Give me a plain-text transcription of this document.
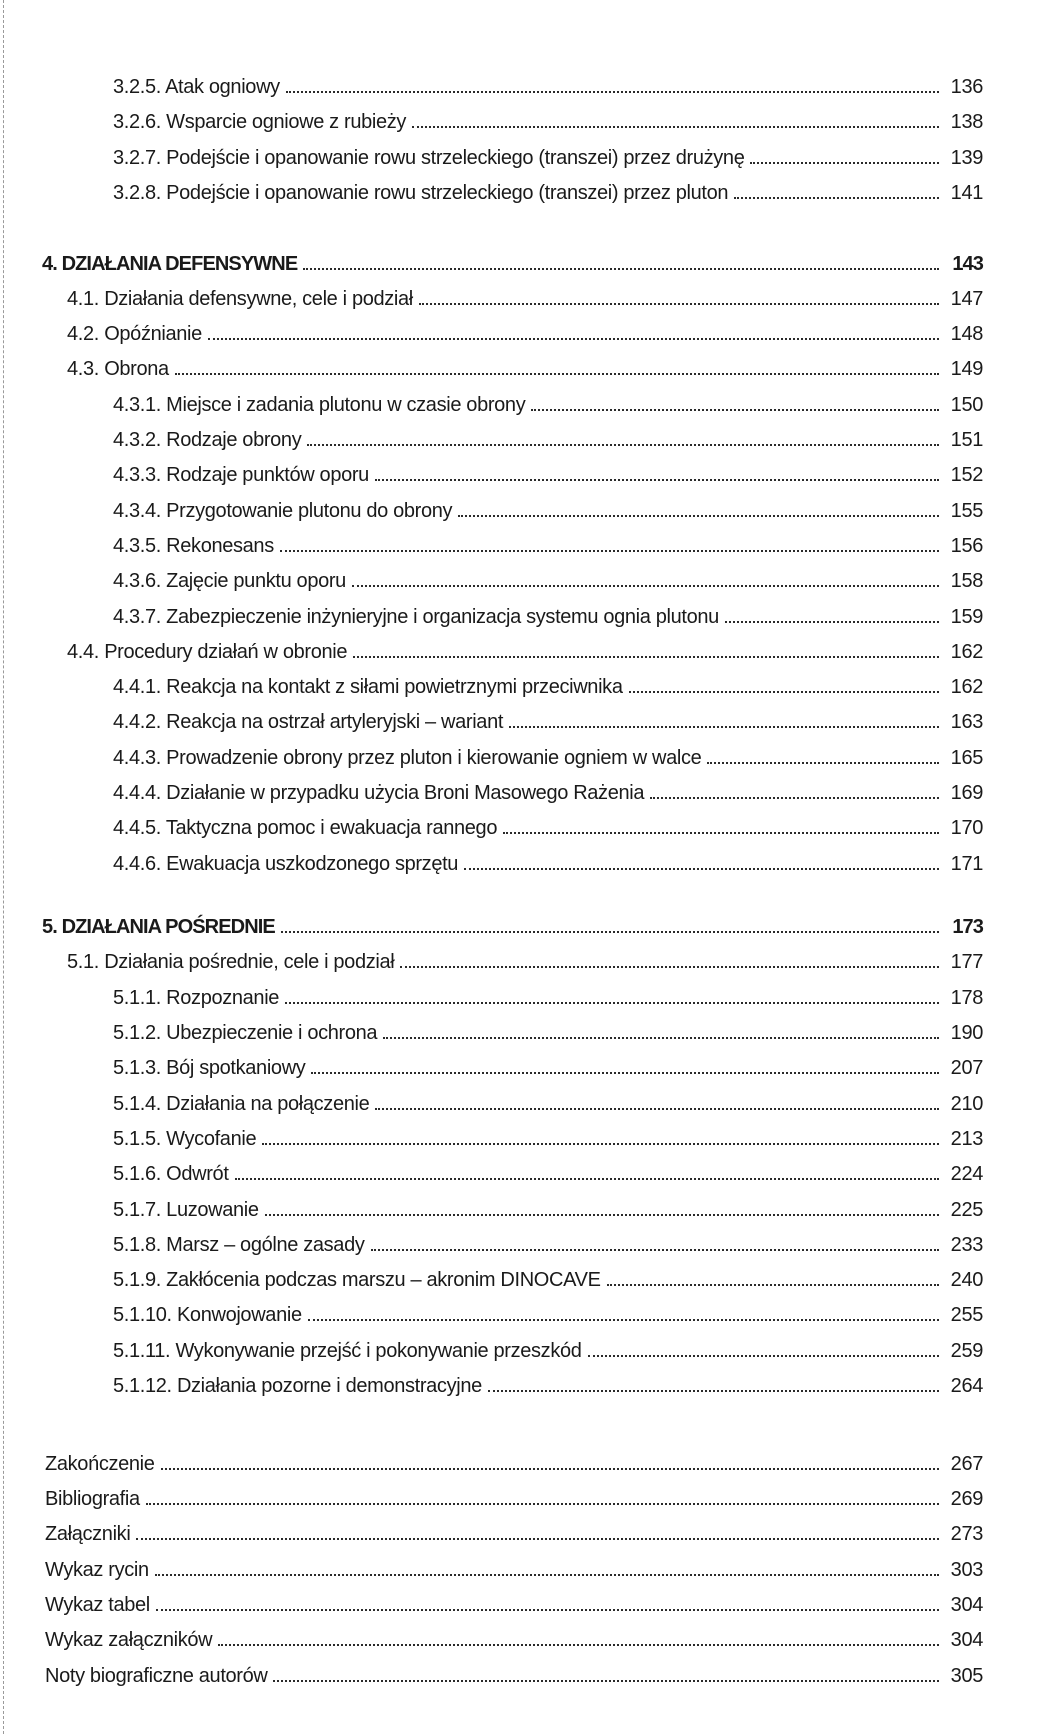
3.2.5. Atak ogniowy	136
3.2.6. Wsparcie ogniowe z rubieży	138
3.2.7. Podejście i opanowanie rowu strzeleckiego (transzei) przez drużynę	139
3.2.8. Podejście i opanowanie rowu strzeleckiego (transzei) przez pluton	141
4. DZIAŁANIA DEFENSYWNE	143
4.1. Działania defensywne, cele i podział	147
4.2. Opóźnianie	148
4.3. Obrona	149
4.3.1. Miejsce i zadania plutonu w czasie obrony	150
4.3.2. Rodzaje obrony	151
4.3.3. Rodzaje punktów oporu	152
4.3.4. Przygotowanie plutonu do obrony	155
4.3.5. Rekonesans	156
4.3.6. Zajęcie punktu oporu	158
4.3.7. Zabezpieczenie inżynieryjne i organizacja systemu ognia plutonu	159
4.4. Procedury działań w obronie	162
4.4.1. Reakcja na kontakt z siłami powietrznymi przeciwnika	162
4.4.2. Reakcja na ostrzał artyleryjski – wariant	163
4.4.3. Prowadzenie obrony przez pluton i kierowanie ogniem w walce	165
4.4.4. Działanie w przypadku użycia Broni Masowego Rażenia	169
4.4.5. Taktyczna pomoc i ewakuacja rannego	170
4.4.6. Ewakuacja uszkodzonego sprzętu	171
5. DZIAŁANIA POŚREDNIE	173
5.1. Działania pośrednie, cele i podział	177
5.1.1. Rozpoznanie	178
5.1.2. Ubezpieczenie i ochrona	190
5.1.3. Bój spotkaniowy	207
5.1.4. Działania na połączenie	210
5.1.5. Wycofanie	213
5.1.6. Odwrót	224
5.1.7. Luzowanie	225
5.1.8. Marsz – ogólne zasady	233
5.1.9. Zakłócenia podczas marszu – akronim DINOCAVE	240
5.1.10. Konwojowanie	255
5.1.11. Wykonywanie przejść i pokonywanie przeszkód	259
5.1.12. Działania pozorne i demonstracyjne	264
Zakończenie	267
Bibliografia	269
Załączniki	273
Wykaz rycin	303
Wykaz tabel	304
Wykaz załączników	304
Noty biograficzne autorów	305
